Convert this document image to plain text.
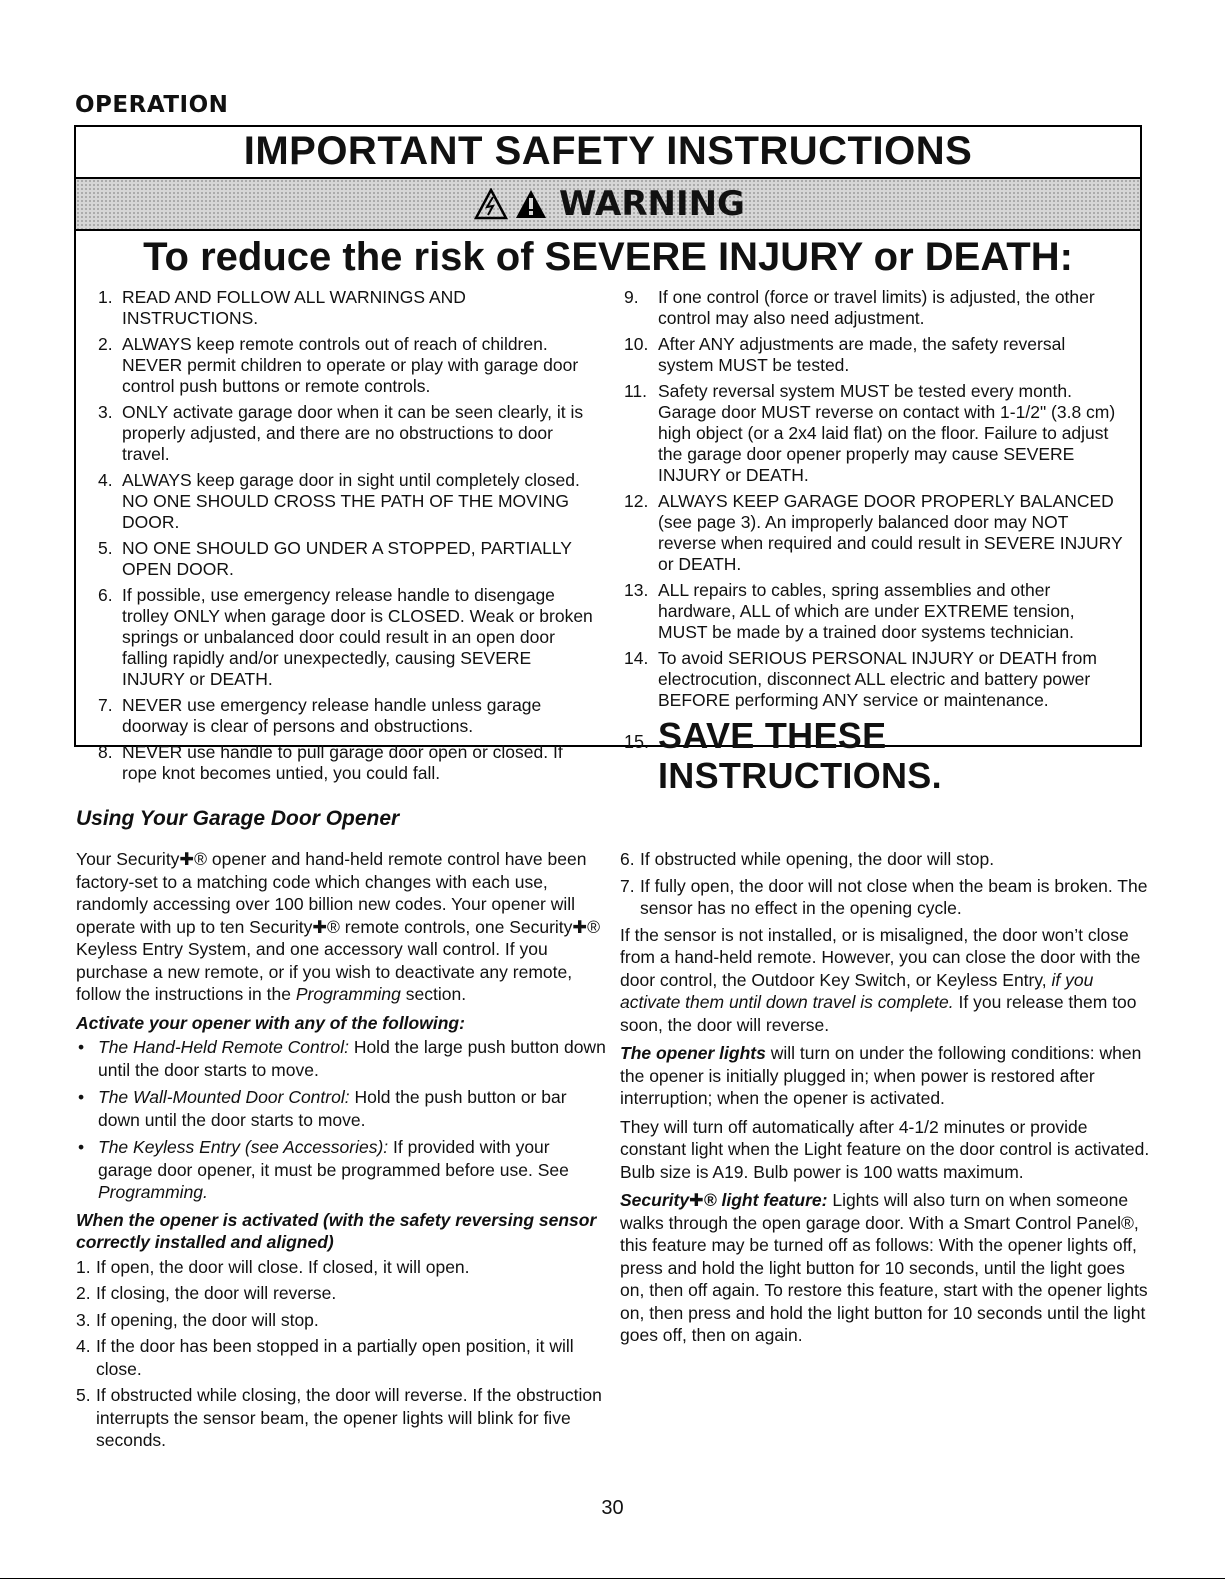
OPERATION
IMPORTANT SAFETY INSTRUCTIONS
WARNING
To reduce the risk of SEVERE INJURY or DEATH:
1. READ AND FOLLOW ALL WARNINGS AND INSTRUCTIONS.
2. ALWAYS keep remote controls out of reach of children. NEVER permit children to operate or play with garage door control push buttons or remote controls.
3. ONLY activate garage door when it can be seen clearly, it is properly adjusted, and there are no obstructions to door travel.
4. ALWAYS keep garage door in sight until completely closed. NO ONE SHOULD CROSS THE PATH OF THE MOVING DOOR.
5. NO ONE SHOULD GO UNDER A STOPPED, PARTIALLY OPEN DOOR.
6. If possible, use emergency release handle to disengage trolley ONLY when garage door is CLOSED. Weak or broken springs or unbalanced door could result in an open door falling rapidly and/or unexpectedly, causing SEVERE INJURY or DEATH.
7. NEVER use emergency release handle unless garage doorway is clear of persons and obstructions.
8. NEVER use handle to pull garage door open or closed. If rope knot becomes untied, you could fall.
9. If one control (force or travel limits) is adjusted, the other control may also need adjustment.
10. After ANY adjustments are made, the safety reversal system MUST be tested.
11. Safety reversal system MUST be tested every month. Garage door MUST reverse on contact with 1-1/2" (3.8 cm) high object (or a 2x4 laid flat) on the floor. Failure to adjust the garage door opener properly may cause SEVERE INJURY or DEATH.
12. ALWAYS KEEP GARAGE DOOR PROPERLY BALANCED (see page 3). An improperly balanced door may NOT reverse when required and could result in SEVERE INJURY or DEATH.
13. ALL repairs to cables, spring assemblies and other hardware, ALL of which are under EXTREME tension, MUST be made by a trained door systems technician.
14. To avoid SERIOUS PERSONAL INJURY or DEATH from electrocution, disconnect ALL electric and battery power BEFORE performing ANY service or maintenance.
15. SAVE THESE INSTRUCTIONS.
Using Your Garage Door Opener

Your Security✚® opener and hand-held remote control have been factory-set to a matching code which changes with each use, randomly accessing over 100 billion new codes. Your opener will operate with up to ten Security✚® remote controls, one Security✚® Keyless Entry System, and one accessory wall control. If you purchase a new remote, or if you wish to deactivate any remote, follow the instructions in the Programming section.

Activate your opener with any of the following:
• The Hand-Held Remote Control: Hold the large push button down until the door starts to move.
• The Wall-Mounted Door Control: Hold the push button or bar down until the door starts to move.
• The Keyless Entry (see Accessories): If provided with your garage door opener, it must be programmed before use. See Programming.
When the opener is activated (with the safety reversing sensor correctly installed and aligned)
1. If open, the door will close. If closed, it will open.
2. If closing, the door will reverse.
3. If opening, the door will stop.
4. If the door has been stopped in a partially open position, it will close.
5. If obstructed while closing, the door will reverse. If the obstruction interrupts the sensor beam, the opener lights will blink for five seconds.
6. If obstructed while opening, the door will stop.
7. If fully open, the door will not close when the beam is broken. The sensor has no effect in the opening cycle.

If the sensor is not installed, or is misaligned, the door won’t close from a hand-held remote. However, you can close the door with the door control, the Outdoor Key Switch, or Keyless Entry, if you activate them until down travel is complete. If you release them too soon, the door will reverse.

The opener lights will turn on under the following conditions: when the opener is initially plugged in; when power is restored after interruption; when the opener is activated.

They will turn off automatically after 4-1/2 minutes or provide constant light when the Light feature on the door control is activated. Bulb size is A19. Bulb power is 100 watts maximum.

Security✚® light feature: Lights will also turn on when someone walks through the open garage door. With a Smart Control Panel®, this feature may be turned off as follows: With the opener lights off, press and hold the light button for 10 seconds, until the light goes on, then off again. To restore this feature, start with the opener lights on, then press and hold the light button for 10 seconds until the light goes off, then on again.

30
